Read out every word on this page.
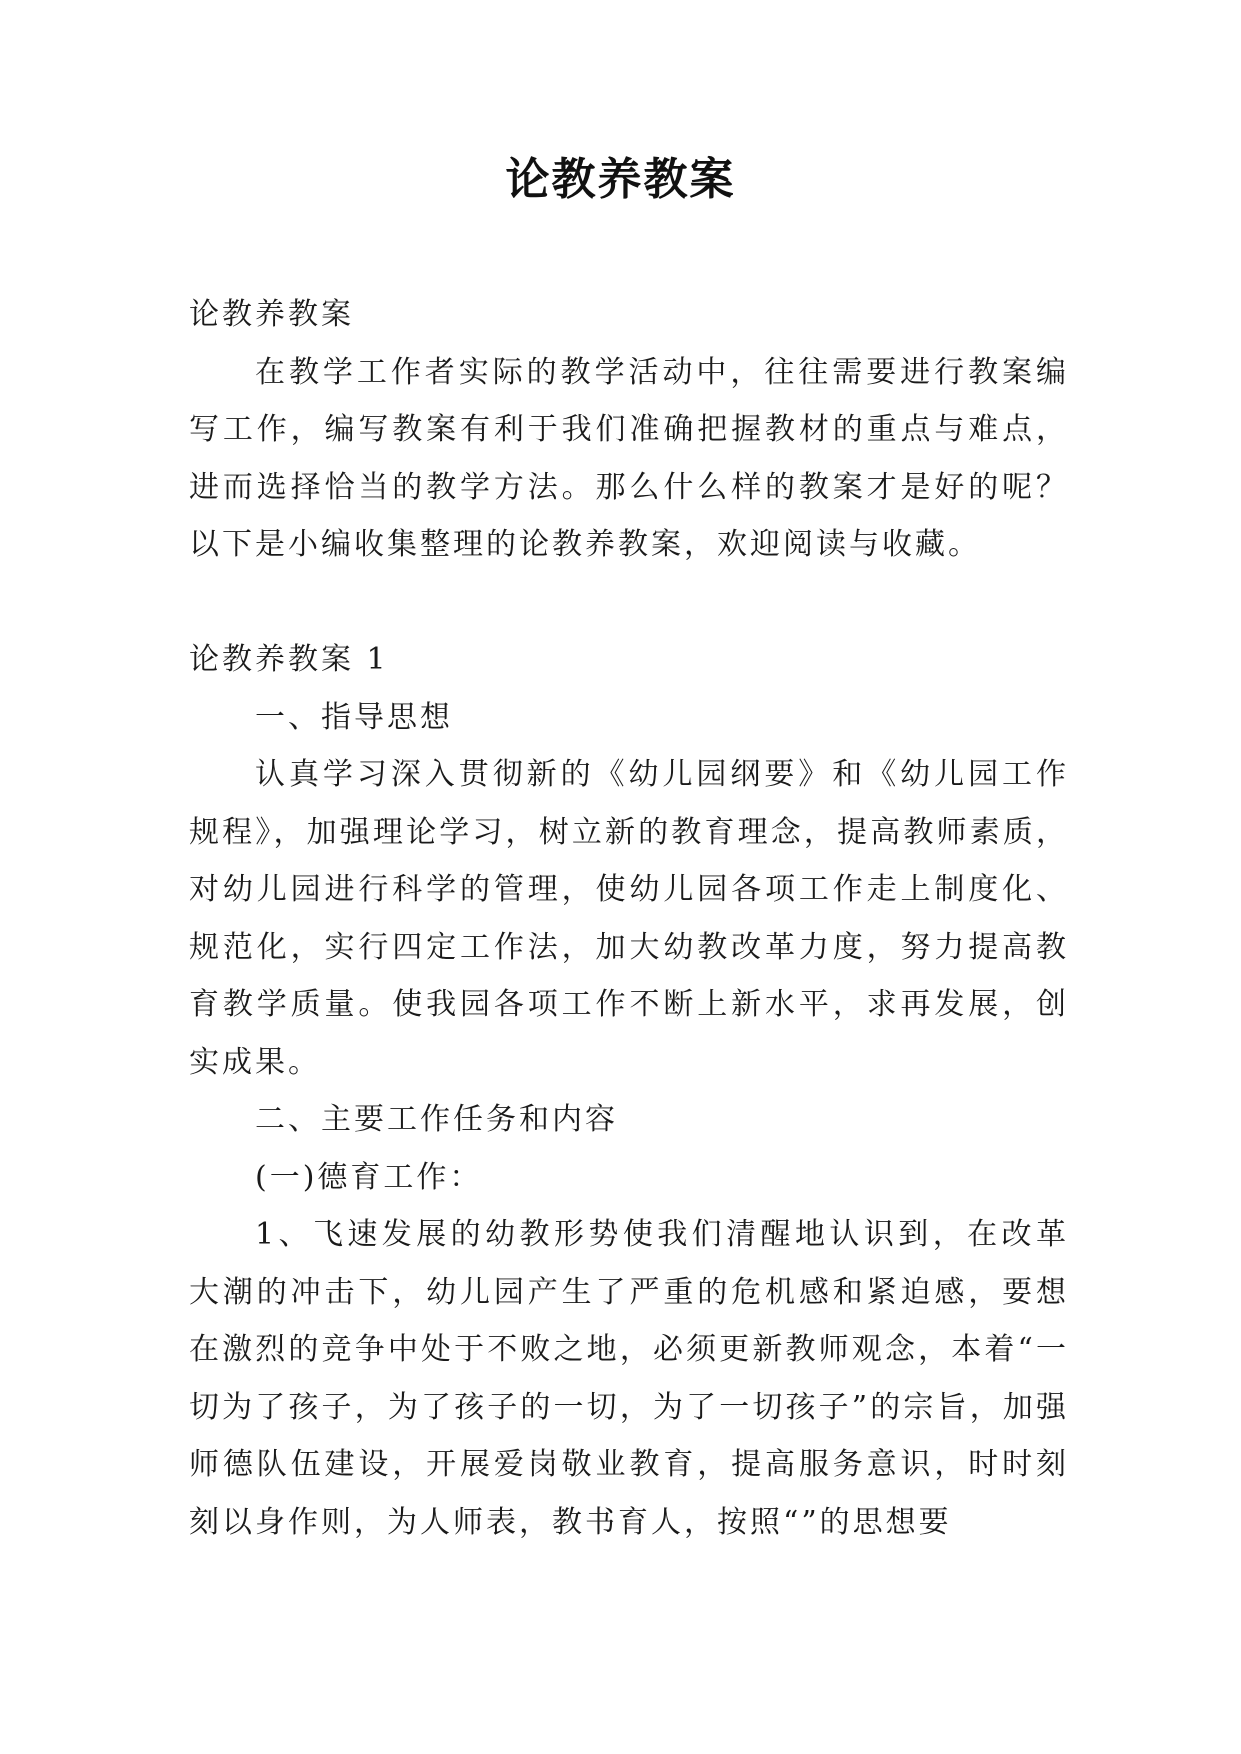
论教养教案

论教养教案

在教学工作者实际的教学活动中，往往需要进行教案编写工作，编写教案有利于我们准确把握教材的重点与难点，进而选择恰当的教学方法。那么什么样的教案才是好的呢？以下是小编收集整理的论教养教案，欢迎阅读与收藏。

论教养教案 1

一、指导思想

认真学习深入贯彻新的《幼儿园纲要》和《幼儿园工作规程》，加强理论学习，树立新的教育理念，提高教师素质，对幼儿园进行科学的管理，使幼儿园各项工作走上制度化、规范化，实行四定工作法，加大幼教改革力度，努力提高教育教学质量。使我园各项工作不断上新水平，求再发展，创实成果。

二、主要工作任务和内容

(一)德育工作：

1、飞速发展的幼教形势使我们清醒地认识到，在改革大潮的冲击下，幼儿园产生了严重的危机感和紧迫感，要想在激烈的竞争中处于不败之地，必须更新教师观念，本着“一切为了孩子，为了孩子的一切，为了一切孩子”的宗旨，加强师德队伍建设，开展爱岗敬业教育，提高服务意识，时时刻刻以身作则，为人师表，教书育人，按照“”的思想要
